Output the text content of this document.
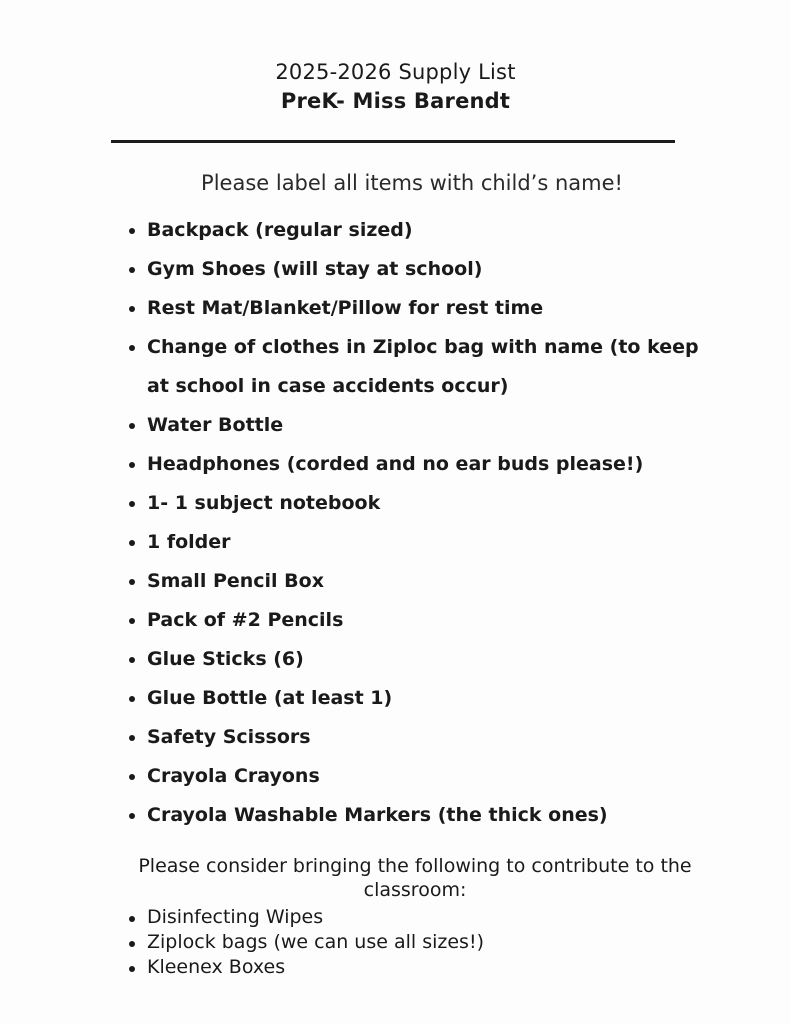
2025-2026 Supply List
PreK- Miss Barendt
Please label all items with child’s name!
Backpack (regular sized)
Gym Shoes (will stay at school)
Rest Mat/Blanket/Pillow for rest time
Change of clothes in Ziploc bag with name (to keep
at school in case accidents occur)
Water Bottle
Headphones (corded and no ear buds please!)
1- 1 subject notebook
1 folder
Small Pencil Box
Pack of #2 Pencils
Glue Sticks (6)
Glue Bottle (at least 1)
Safety Scissors
Crayola Crayons
Crayola Washable Markers (the thick ones)
Please consider bringing the following to contribute to the classroom:
Disinfecting Wipes
Ziplock bags (we can use all sizes!)
Kleenex Boxes
